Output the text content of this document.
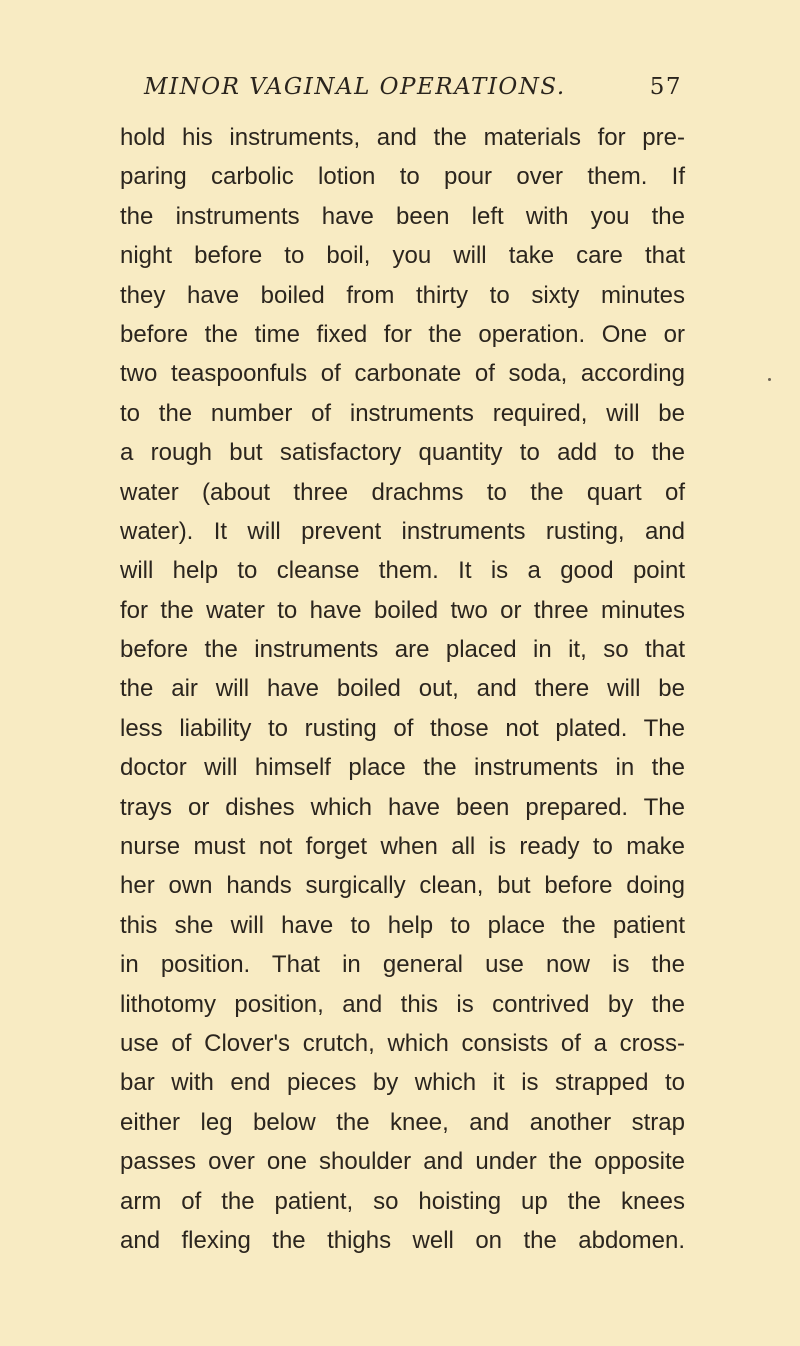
MINOR VAGINAL OPERATIONS.	57
hold his instruments, and the materials for pre-
paring carbolic lotion to pour over them. If
the instruments have been left with you the
night before to boil, you will take care that
they have boiled from thirty to sixty minutes
before the time fixed for the operation. One or
two teaspoonfuls of carbonate of soda, according
to the number of instruments required, will be
a rough but satisfactory quantity to add to the
water (about three drachms to the quart of
water). It will prevent instruments rusting, and
will help to cleanse them. It is a good point
for the water to have boiled two or three minutes
before the instruments are placed in it, so that
the air will have boiled out, and there will be
less liability to rusting of those not plated. The
doctor will himself place the instruments in the
trays or dishes which have been prepared. The
nurse must not forget when all is ready to make
her own hands surgically clean, but before doing
this she will have to help to place the patient
in position. That in general use now is the
lithotomy position, and this is contrived by the
use of Clover's crutch, which consists of a cross-
bar with end pieces by which it is strapped to
either leg below the knee, and another strap
passes over one shoulder and under the opposite
arm of the patient, so hoisting up the knees
and flexing the thighs well on the abdomen.
